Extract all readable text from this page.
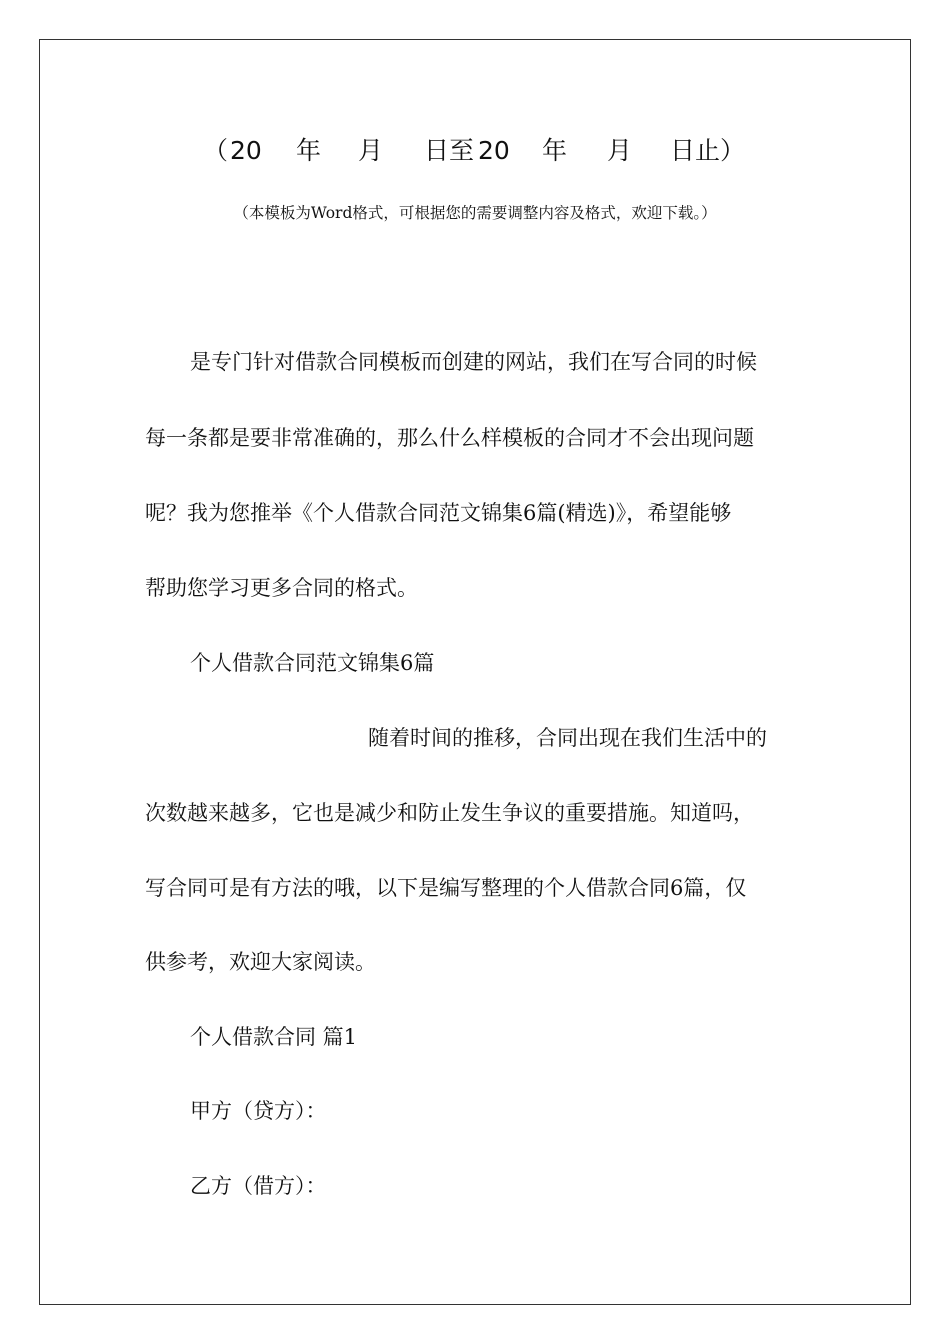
（ 20 年 月 日至 20 年 月 日止）
（本模板为Word格式，可根据您的需要调整内容及格式，欢迎下载。）
是专门针对借款合同模板而创建的网站，我们在写合同的时候
每一条都是要非常准确的，那么什么样模板的合同才不会出现问题
呢？我为您推举《个人借款合同范文锦集6篇(精选)》，希望能够
帮助您学习更多合同的格式。
个人借款合同范文锦集6篇
随着时间的推移，合同出现在我们生活中的
次数越来越多，它也是减少和防止发生争议的重要措施。知道吗，
写合同可是有方法的哦，以下是编写整理的个人借款合同6篇，仅
供参考，欢迎大家阅读。
个人借款合同 篇1
甲方（贷方）：
乙方（借方）：
